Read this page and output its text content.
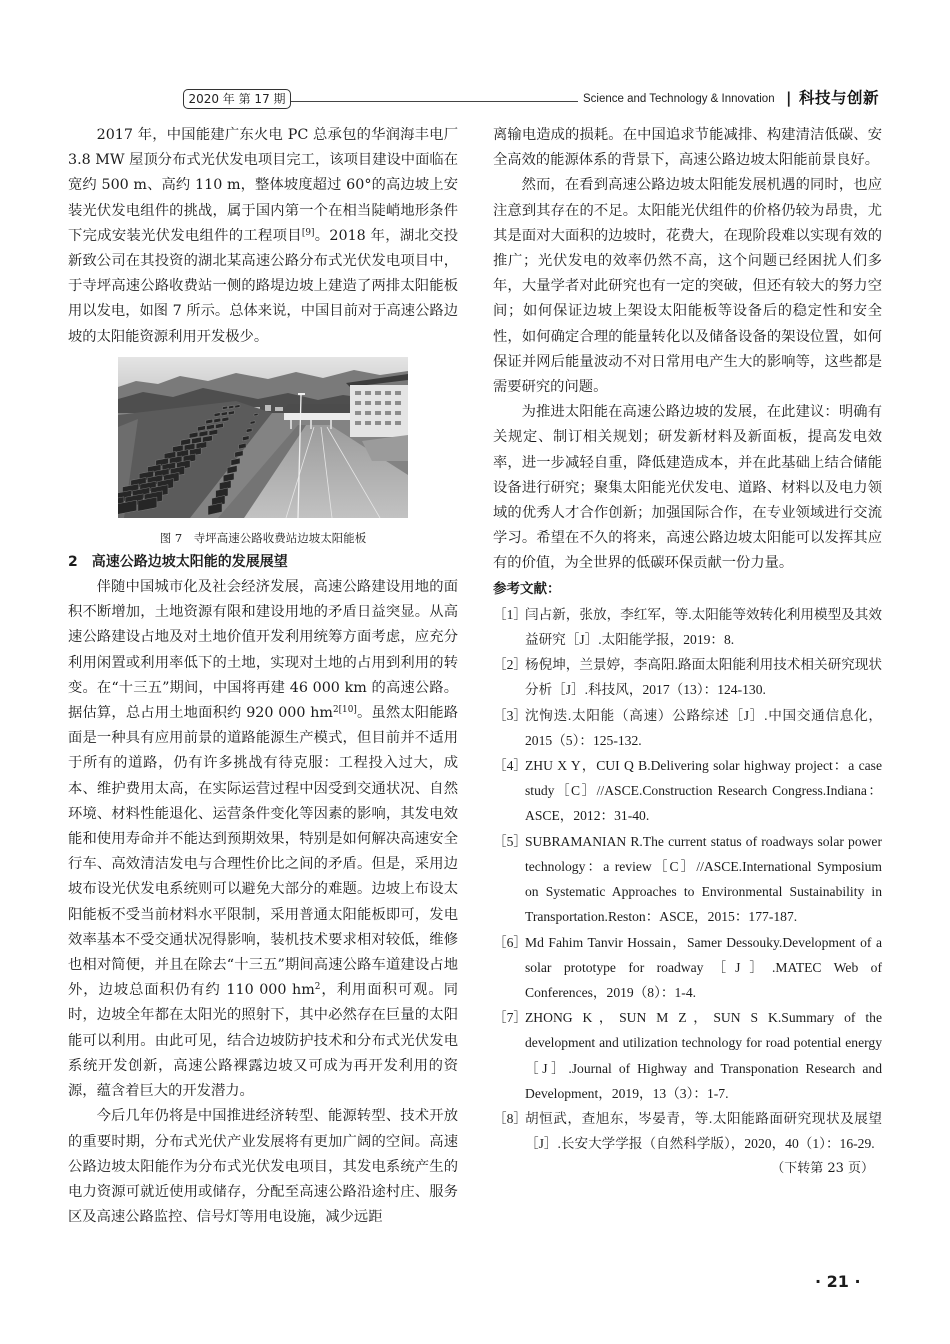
2020 年 第 17 期	Science and Technology & Innovation | 科技与创新

2017 年，中国能建广东火电 PC 总承包的华润海丰电厂 3.8 MW 屋顶分布式光伏发电项目完工，该项目建设中面临在宽约 500 m、高约 110 m，整体坡度超过 60°的高边坡上安装光伏发电组件的挑战，属于国内第一个在相当陡峭地形条件下完成安装光伏发电组件的工程项目[9]。2018 年，湖北交投新致公司在其投资的湖北某高速公路分布式光伏发电项目中，于寺坪高速公路收费站一侧的路堤边坡上建造了两排太阳能板用以发电，如图 7 所示。总体来说，中国目前对于高速公路边坡的太阳能资源利用开发极少。

图 7　寺坪高速公路收费站边坡太阳能板
2　高速公路边坡太阳能的发展展望

伴随中国城市化及社会经济发展，高速公路建设用地的面积不断增加，土地资源有限和建设用地的矛盾日益突显。从高速公路建设占地及对土地价值开发利用统筹方面考虑，应充分利用闲置或利用率低下的土地，实现对土地的占用到利用的转变。在“十三五”期间，中国将再建 46 000 km 的高速公路。据估算，总占用土地面积约 920 000 hm$^{2[10]}$。虽然太阳能路面是一种具有应用前景的道路能源生产模式，但目前并不适用于所有的道路，仍有许多挑战有待克服：工程投入过大，成本、维护费用太高，在实际运营过程中因受到交通状况、自然环境、材料性能退化、运营条件变化等因素的影响，其发电效能和使用寿命并不能达到预期效果，特别是如何解决高速安全行车、高效清洁发电与合理性价比之间的矛盾。但是，采用边坡布设光伏发电系统则可以避免大部分的难题。边坡上布设太阳能板不受当前材料水平限制，采用普通太阳能板即可，发电效率基本不受交通状况得影响，装机技术要求相对较低，维修也相对简便，并且在除去“十三五”期间高速公路车道建设占地外，边坡总面积仍有约 110 000 hm$^2$，利用面积可观。同时，边坡全年都在太阳光的照射下，其中必然存在巨量的太阳能可以利用。由此可见，结合边坡防护技术和分布式光伏发电系统开发创新，高速公路裸露边坡又可成为再开发利用的资源，蕴含着巨大的开发潜力。

今后几年仍将是中国推进经济转型、能源转型、技术开放的重要时期，分布式光伏产业发展将有更加广阔的空间。高速公路边坡太阳能作为分布式光伏发电项目，其发电系统产生的电力资源可就近使用或储存，分配至高速公路沿途村庄、服务区及高速公路监控、信号灯等用电设施，减少远距

离输电造成的损耗。在中国追求节能减排、构建清洁低碳、安全高效的能源体系的背景下，高速公路边坡太阳能前景良好。

然而，在看到高速公路边坡太阳能发展机遇的同时，也应注意到其存在的不足。太阳能光伏组件的价格仍较为昂贵，尤其是面对大面积的边坡时，花费大，在现阶段难以实现有效的推广；光伏发电的效率仍然不高，这个问题已经困扰人们多年，大量学者对此研究也有一定的突破，但还有较大的努力空间；如何保证边坡上架设太阳能板等设备后的稳定性和安全性，如何确定合理的能量转化以及储备设备的架设位置，如何保证并网后能量波动不对日常用电产生大的影响等，这些都是需要研究的问题。

为推进太阳能在高速公路边坡的发展，在此建议：明确有关规定、制订相关规划；研发新材料及新面板，提高发电效率，进一步减轻自重，降低建造成本，并在此基础上结合储能设备进行研究；聚集太阳能光伏发电、道路、材料以及电力领域的优秀人才合作创新；加强国际合作，在专业领域进行交流学习。希望在不久的将来，高速公路边坡太阳能可以发挥其应有的价值，为全世界的低碳环保贡献一份力量。

参考文献：
［1］
闫占新，张放，李红军，等.太阳能等效转化利用模型及其效益研究［J］.太阳能学报，2019：8.
［2］
杨倪坤，兰景婷，李高阳.路面太阳能利用技术相关研究现状分析［J］.科技风，2017（13）：124-130.
［3］
沈恂迭.太阳能（高速）公路综述［J］.中国交通信息化，2015（5）：125-132.
［4］
ZHU X Y，CUI Q B.Delivering solar highway project：a case study［C］//ASCE.Construction Research Congress.Indiana：ASCE，2012：31-40.
［5］
SUBRAMANIAN R.The current status of roadways solar power technology：a review［C］//ASCE.International Symposium on Systematic Approaches to Environmental Sustainability in Transportation.Reston：ASCE，2015：177-187.
［6］
Md Fahim Tanvir Hossain，Samer Dessouky.Development of a solar prototype for roadway［J］.MATEC Web of Conferences，2019（8）：1-4.
［7］
ZHONG K，SUN M Z，SUN S K.Summary of the development and utilization technology for road potential energy［J］.Journal of Highway and Transponation Research and Development，2019，13（3）：1-7.
［8］
胡恒武，查旭东，岑晏青，等.太阳能路面研究现状及展望［J］.长安大学学报（自然科学版），2020，40（1）：16-29.
（下转第 23 页）
· 21 ·
